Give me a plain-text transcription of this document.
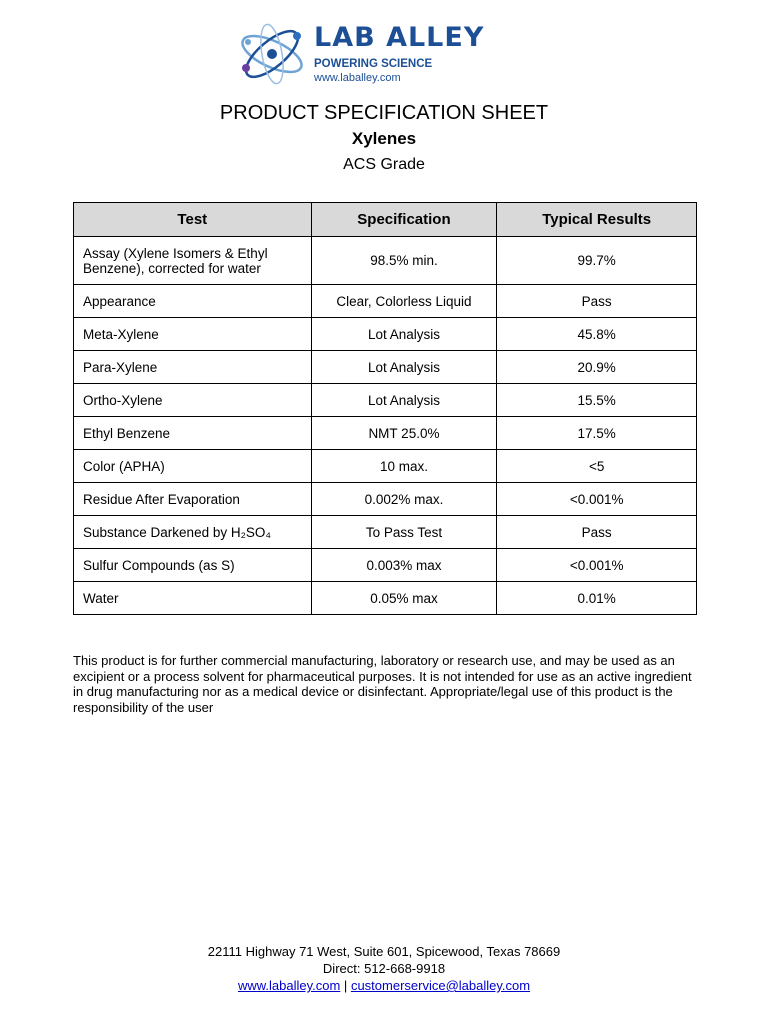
LAB ALLEY
POWERING SCIENCE
www.laballey.com
PRODUCT SPECIFICATION SHEET
Xylenes
ACS Grade
Test	Specification	Typical Results
Assay (Xylene Isomers & Ethyl Benzene), corrected for water	98.5% min.	99.7%
Appearance	Clear, Colorless Liquid	Pass
Meta-Xylene	Lot Analysis	45.8%
Para-Xylene	Lot Analysis	20.9%
Ortho-Xylene	Lot Analysis	15.5%
Ethyl Benzene	NMT 25.0%	17.5%
Color (APHA)	10 max.	<5
Residue After Evaporation	0.002% max.	<0.001%
Substance Darkened by H₂SO₄	To Pass Test	Pass
Sulfur Compounds (as S)	0.003% max	<0.001%
Water	0.05% max	0.01%
This product is for further commercial manufacturing, laboratory or research use, and may be used as an excipient or a process solvent for pharmaceutical purposes. It is not intended for use as an active ingredient in drug manufacturing nor as a medical device or disinfectant. Appropriate/legal use of this product is the responsibility of the user
22111 Highway 71 West, Suite 601, Spicewood, Texas 78669
Direct: 512-668-9918
www.laballey.com | customerservice@laballey.com
